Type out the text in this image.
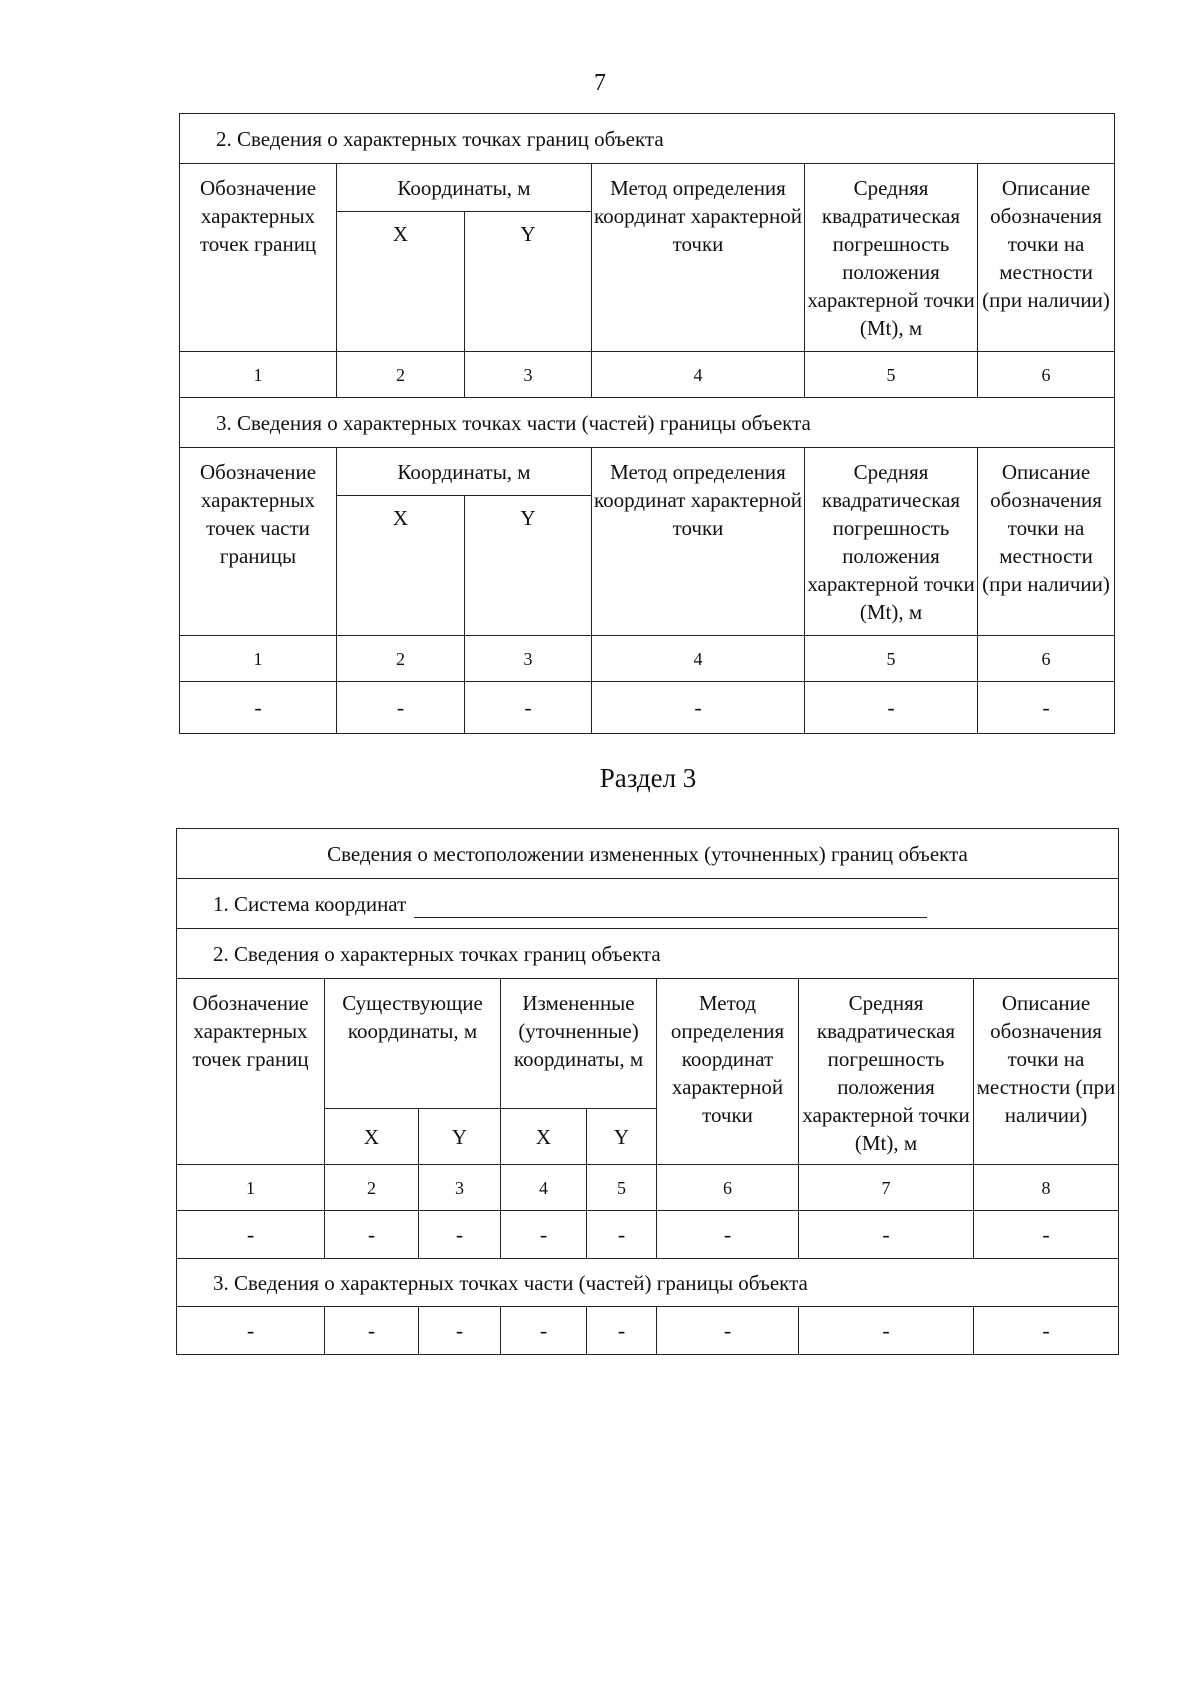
7
2. Сведения о характерных точках границ объекта					
Обозначение характерных точек границ	Координаты, м		Метод определения координат характерной точки	Средняя квадратическая погрешность положения характерной точки (Mt), м	Описание обозначения точки на местности (при наличии)
	X	Y			
1	2	3	4	5	6
3. Сведения о характерных точках части (частей) границы объекта					
Обозначение характерных точек части границы	Координаты, м		Метод определения координат характерной точки	Средняя квадратическая погрешность положения характерной точки (Mt), м	Описание обозначения точки на местности (при наличии)
	X	Y			
1	2	3	4	5	6
-	-	-	-	-	-
Раздел 3
Сведения о местоположении измененных (уточненных) границ объекта							
1. Система координат							
2. Сведения о характерных точках границ объекта							
Обозначение характерных точек границ	Существующие координаты, м		Измененные (уточненные) координаты, м		Метод определения координат характерной точки	Средняя квадратическая погрешность положения характерной точки (Mt), м	Описание обозначения точки на местности (при наличии)
	X	Y	X	Y			
1	2	3	4	5	6	7	8
-	-	-	-	-	-	-	-
3. Сведения о характерных точках части (частей) границы объекта							
-	-	-	-	-	-	-	-
